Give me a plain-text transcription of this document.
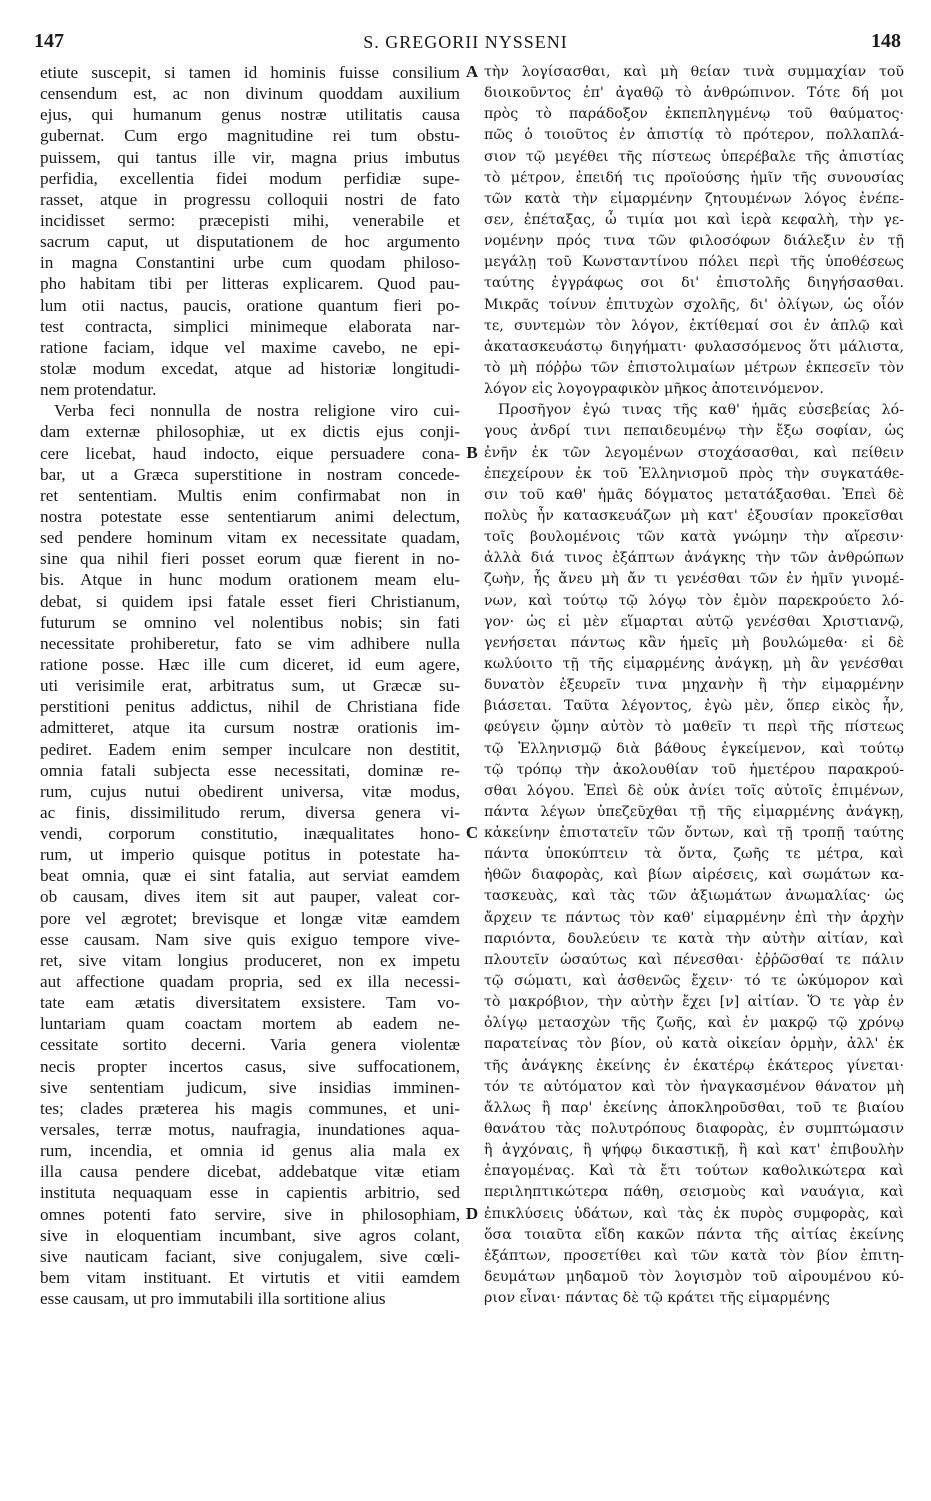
147	S. GREGORII NYSSENI	148
etiute suscepit, si tamen id hominis fuisse consilium
censendum est, ac non divinum quoddam auxilium
ejus, qui humanum genus nostræ utilitatis causa
gubernat. Cum ergo magnitudine rei tum obstu-
puissem, qui tantus ille vir, magna prius imbutus
perfidia, excellentia fidei modum perfidiæ supe-
rasset, atque in progressu colloquii nostri de fato
incidisset sermo: præcepisti mihi, venerabile et
sacrum caput, ut disputationem de hoc argumento
in magna Constantini urbe cum quodam philoso-
pho habitam tibi per litteras explicarem. Quod pau-
lum otii nactus, paucis, oratione quantum fieri po-
test contracta, simplici minimeque elaborata nar-
ratione faciam, idque vel maxime cavebo, ne epi-
stolæ modum excedat, atque ad historiæ longitudi-
nem protendatur.
Verba feci nonnulla de nostra religione viro cui-
dam externæ philosophiæ, ut ex dictis ejus conji-
cere licebat, haud indocto, eique persuadere cona-
bar, ut a Græca superstitione in nostram concede-
ret sententiam. Multis enim confirmabat non in
nostra potestate esse sententiarum animi delectum,
sed pendere hominum vitam ex necessitate quadam,
sine qua nihil fieri posset eorum quæ fierent in no-
bis. Atque in hunc modum orationem meam elu-
debat, si quidem ipsi fatale esset fieri Christianum,
futurum se omnino vel nolentibus nobis; sin fati
necessitate prohiberetur, fato se vim adhibere nulla
ratione posse. Hæc ille cum diceret, id eum agere,
uti verisimile erat, arbitratus sum, ut Græcæ su-
perstitioni penitus addictus, nihil de Christiana fide
admitteret, atque ita cursum nostræ orationis im-
pediret. Eadem enim semper inculcare non destitit,
omnia fatali subjecta esse necessitati, dominæ re-
rum, cujus nutui obedirent universa, vitæ modus,
ac finis, dissimilitudo rerum, diversa genera vi-
vendi, corporum constitutio, inæqualitates hono-
rum, ut imperio quisque potitus in potestate ha-
beat omnia, quæ ei sint fatalia, aut serviat eamdem
ob causam, dives item sit aut pauper, valeat cor-
pore vel ægrotet; brevisque et longæ vitæ eamdem
esse causam. Nam sive quis exiguo tempore vive-
ret, sive vitam longius produceret, non ex impetu
aut affectione quadam propria, sed ex illa necessi-
tate eam ætatis diversitatem exsistere. Tam vo-
luntariam quam coactam mortem ab eadem ne-
cessitate sortito decerni. Varia genera violentæ
necis propter incertos casus, sive suffocationem,
sive sententiam judicum, sive insidias imminen-
tes; clades præterea his magis communes, et uni-
versales, terræ motus, naufragia, inundationes aqua-
rum, incendia, et omnia id genus alia mala ex
illa causa pendere dicebat, addebatque vitæ etiam
instituta nequaquam esse in capientis arbitrio, sed
omnes potenti fato servire, sive in philosophiam,
sive in eloquentiam incumbant, sive agros colant,
sive nauticam faciant, sive conjugalem, sive cœli-
bem vitam instituant. Et virtutis et vitii eamdem
esse causam, ut pro immutabili illa sortitione alius
A
B
C
D
τὴν λογίσασθαι, καὶ μὴ θείαν τινὰ συμμαχίαν τοῦ
διοικοῦντος ἐπ' ἀγαθῷ τὸ ἀνθρώπινον. Τότε δή μοι
πρὸς τὸ παράδοξον ἐκπεπληγμένῳ τοῦ θαύματος·
πῶς ὁ τοιοῦτος ἐν ἀπιστίᾳ τὸ πρότερον, πολλαπλά-
σιον τῷ μεγέθει τῆς πίστεως ὑπερέβαλε τῆς ἀπιστίας
τὸ μέτρον, ἐπειδή τις προϊούσης ἡμῖν τῆς συνουσίας
τῶν κατὰ τὴν εἱμαρμένην ζητουμένων λόγος ἐνέπε-
σεν, ἐπέταξας, ὦ τιμία μοι καὶ ἱερὰ κεφαλὴ, τὴν γε-
νομένην πρός τινα τῶν φιλοσόφων διάλεξιν ἐν τῇ
μεγάλῃ τοῦ Κωνσταντίνου πόλει περὶ τῆς ὑποθέσεως
ταύτης ἐγγράφως σοι δι' ἐπιστολῆς διηγήσασθαι.
Μικρᾶς τοίνυν ἐπιτυχὼν σχολῆς, δι' ὀλίγων, ὡς οἷόν
τε, συντεμὼν τὸν λόγον, ἐκτίθεμαί σοι ἐν ἁπλῷ καὶ
ἀκατασκευάστῳ διηγήματι· φυλασσόμενος ὅτι μάλιστα,
τὸ μὴ πόῤῥω τῶν ἐπιστολιμαίων μέτρων ἐκπεσεῖν τὸν
λόγον εἰς λογογραφικὸν μῆκος ἀποτεινόμενον.
Προσῆγον ἐγώ τινας τῆς καθ' ἡμᾶς εὐσεβείας λό-
γους ἀνδρί τινι πεπαιδευμένῳ τὴν ἔξω σοφίαν, ὡς
ἐνῆν ἐκ τῶν λεγομένων στοχάσασθαι, καὶ πείθειν
ἐπεχείρουν ἐκ τοῦ Ἑλληνισμοῦ πρὸς τὴν συγκατάθε-
σιν τοῦ καθ' ἡμᾶς δόγματος μετατάξασθαι. Ἐπεὶ δὲ
πολὺς ἦν κατασκευάζων μὴ κατ' ἐξουσίαν προκεῖσθαι
τοῖς βουλομένοις τῶν κατὰ γνώμην τὴν αἵρεσιν·
ἀλλὰ διά τινος ἐξάπτων ἀνάγκης τὴν τῶν ἀνθρώπων
ζωὴν, ἧς ἄνευ μὴ ἄν τι γενέσθαι τῶν ἐν ἡμῖν γινομέ-
νων, καὶ τούτῳ τῷ λόγῳ τὸν ἐμὸν παρεκρούετο λό-
γον· ὡς εἰ μὲν εἵμαρται αὐτῷ γενέσθαι Χριστιανῷ,
γενήσεται πάντως κἂν ἡμεῖς μὴ βουλώμεθα· εἰ δὲ
κωλύοιτο τῇ τῆς εἱμαρμένης ἀνάγκῃ, μὴ ἂν γενέσθαι
δυνατὸν ἐξευρεῖν τινα μηχανὴν ἢ τὴν εἱμαρμένην
βιάσεται. Ταῦτα λέγοντος, ἐγὼ μὲν, ὅπερ εἰκὸς ἦν,
φεύγειν ᾤμην αὐτὸν τὸ μαθεῖν τι περὶ τῆς πίστεως
τῷ Ἑλληνισμῷ διὰ βάθους ἐγκείμενον, καὶ τούτῳ
τῷ τρόπῳ τὴν ἀκολουθίαν τοῦ ἡμετέρου παρακρού-
σθαι λόγου. Ἐπεὶ δὲ οὐκ ἀνίει τοῖς αὐτοῖς ἐπιμένων,
πάντα λέγων ὑπεζεῦχθαι τῇ τῆς εἱμαρμένης ἀνάγκῃ,
κἀκείνην ἐπιστατεῖν τῶν ὄντων, καὶ τῇ τροπῇ ταύτης
πάντα ὑποκύπτειν τὰ ὄντα, ζωῆς τε μέτρα, καὶ
ἠθῶν διαφορὰς, καὶ βίων αἱρέσεις, καὶ σωμάτων κα-
τασκευὰς, καὶ τὰς τῶν ἀξιωμάτων ἀνωμαλίας· ὡς
ἄρχειν τε πάντως τὸν καθ' εἱμαρμένην ἐπὶ τὴν ἀρχὴν
παριόντα, δουλεύειν τε κατὰ τὴν αὐτὴν αἰτίαν, καὶ
πλουτεῖν ὡσαύτως καὶ πένεσθαι· ἐῤῥῶσθαί τε πάλιν
τῷ σώματι, καὶ ἀσθενῶς ἔχειν· τό τε ὠκύμορον καὶ
τὸ μακρόβιον, τὴν αὐτὴν ἔχει [ν] αἰτίαν. Ὅ τε γὰρ ἐν
ὀλίγῳ μετασχὼν τῆς ζωῆς, καὶ ἐν μακρῷ τῷ χρόνῳ
παρατείνας τὸν βίον, οὐ κατὰ οἰκείαν ὁρμὴν, ἀλλ' ἐκ
τῆς ἀνάγκης ἐκείνης ἐν ἑκατέρῳ ἑκάτερος γίνεται·
τόν τε αὐτόματον καὶ τὸν ἠναγκασμένον θάνατον μὴ
ἄλλως ἢ παρ' ἐκείνης ἀποκληροῦσθαι, τοῦ τε βιαίου
θανάτου τὰς πολυτρόπους διαφορὰς, ἐν συμπτώμασιν
ἢ ἀγχόναις, ἢ ψήφῳ δικαστικῇ, ἢ καὶ κατ' ἐπιβουλὴν
ἐπαγομένας. Καὶ τὰ ἔτι τούτων καθολικώτερα καὶ
περιληπτικώτερα πάθη, σεισμοὺς καὶ ναυάγια, καὶ
ἐπικλύσεις ὑδάτων, καὶ τὰς ἐκ πυρὸς συμφορὰς, καὶ
ὅσα τοιαῦτα εἴδη κακῶν πάντα τῆς αἰτίας ἐκείνης
ἐξάπτων, προσετίθει καὶ τῶν κατὰ τὸν βίον ἐπιτη-
δευμάτων μηδαμοῦ τὸν λογισμὸν τοῦ αἱρουμένου κύ-
ριον εἶναι· πάντας δὲ τῷ κράτει τῆς εἱμαρμένης
